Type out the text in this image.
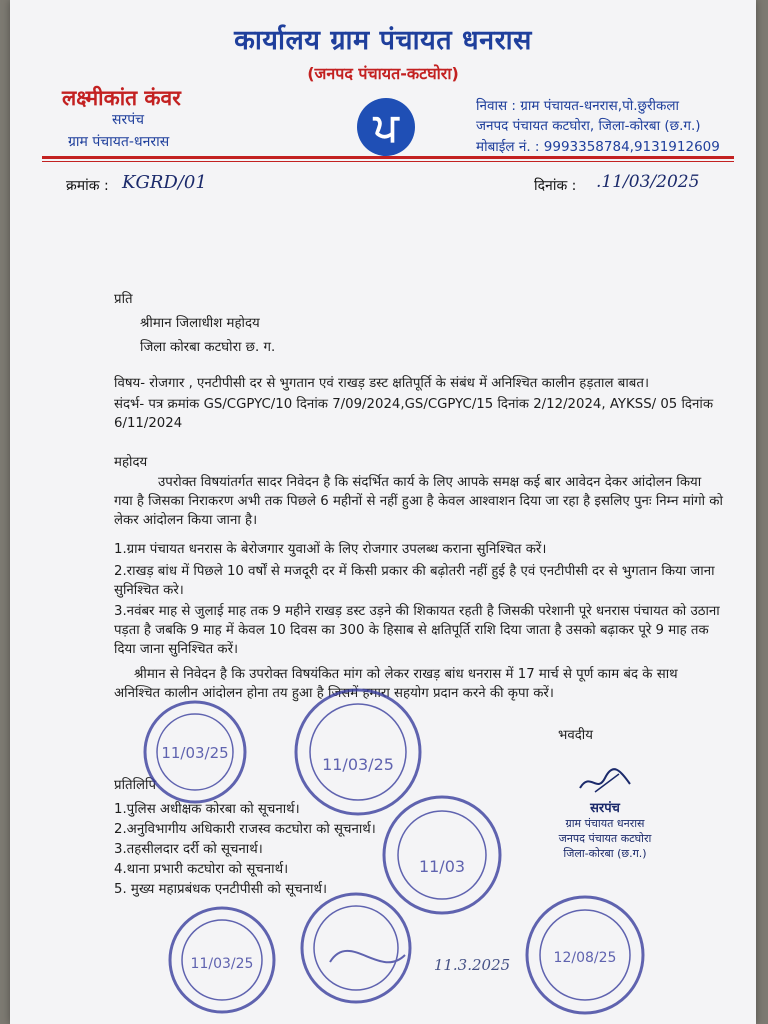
कार्यालय ग्राम पंचायत धनरास
(जनपद पंचायत-कटघोरा)
लक्ष्मीकांत कंवर
सरपंच
ग्राम पंचायत-धनरास	ਪ	निवास : ग्राम पंचायत-धनरास,पो.छुरीकला
जनपद पंचायत कटघोरा, जिला-कोरबा (छ.ग.)
मोबाईल नं. : 9993358784,9131912609
क्रमांक : KGRD/01	दिनांक : .11/03/2025
प्रति
श्रीमान जिलाधीश महोदय
जिला कोरबा कटघोरा छ. ग.
विषय- रोजगार , एनटीपीसी दर से भुगतान एवं राखड़ डस्ट क्षतिपूर्ति के संबंध में अनिश्चित कालीन हड़ताल बाबत।
संदर्भ- पत्र क्रमांक GS/CGPYC/10 दिनांक 7/09/2024,GS/CGPYC/15 दिनांक 2/12/2024, AYKSS/ 05 दिनांक 6/11/2024
महोदय
उपरोक्त विषयांतर्गत सादर निवेदन है कि संदर्भित कार्य के लिए आपके समक्ष कई बार आवेदन देकर आंदोलन किया गया है जिसका निराकरण अभी तक पिछले 6 महीनों से नहीं हुआ है केवल आश्वाशन दिया जा रहा है इसलिए पुनः निम्न मांगो को लेकर आंदोलन किया जाना है।
1.ग्राम पंचायत धनरास के बेरोजगार युवाओं के लिए रोजगार उपलब्ध कराना सुनिश्चित करें।
2.राखड़ बांध में पिछले 10 वर्षों से मजदूरी दर में किसी प्रकार की बढ़ोतरी नहीं हुई है एवं एनटीपीसी दर से भुगतान किया जाना सुनिश्चित करे।
3.नवंबर माह से जुलाई माह तक 9 महीने राखड़ डस्ट उड़ने की शिकायत रहती है जिसकी परेशानी पूरे धनरास पंचायत को उठाना पड़ता है जबकि 9 माह में केवल 10 दिवस का 300 के हिसाब से क्षतिपूर्ति राशि दिया जाता है उसको बढ़ाकर पूरे 9 माह तक दिया जाना सुनिश्चित करें।
श्रीमान से निवेदन है कि उपरोक्त विषयंकित मांग को लेकर राखड़ बांध धनरास में 17 मार्च से पूर्ण काम बंद के साथ अनिश्चित कालीन आंदोलन होना तय हुआ है जिसमें हमारा सहयोग प्रदान करने की कृपा करें।
भवदीय
प्रतिलिपि
1.पुलिस अधीक्षक कोरबा को सूचनार्थ।
2.अनुविभागीय अधिकारी राजस्व कटघोरा को सूचनार्थ।
3.तहसीलदार दर्री को सूचनार्थ।
4.थाना प्रभारी कटघोरा को सूचनार्थ।
5. मुख्य महाप्रबंधक एनटीपीसी को सूचनार्थ।
सरपंच
ग्राम पंचायत धनरास
जनपद पंचायत कटघोरा
जिला-कोरबा (छ.ग.)
11/03/25
11/03/25
11/03
11/03/25	11.3.2025	12/08/25
